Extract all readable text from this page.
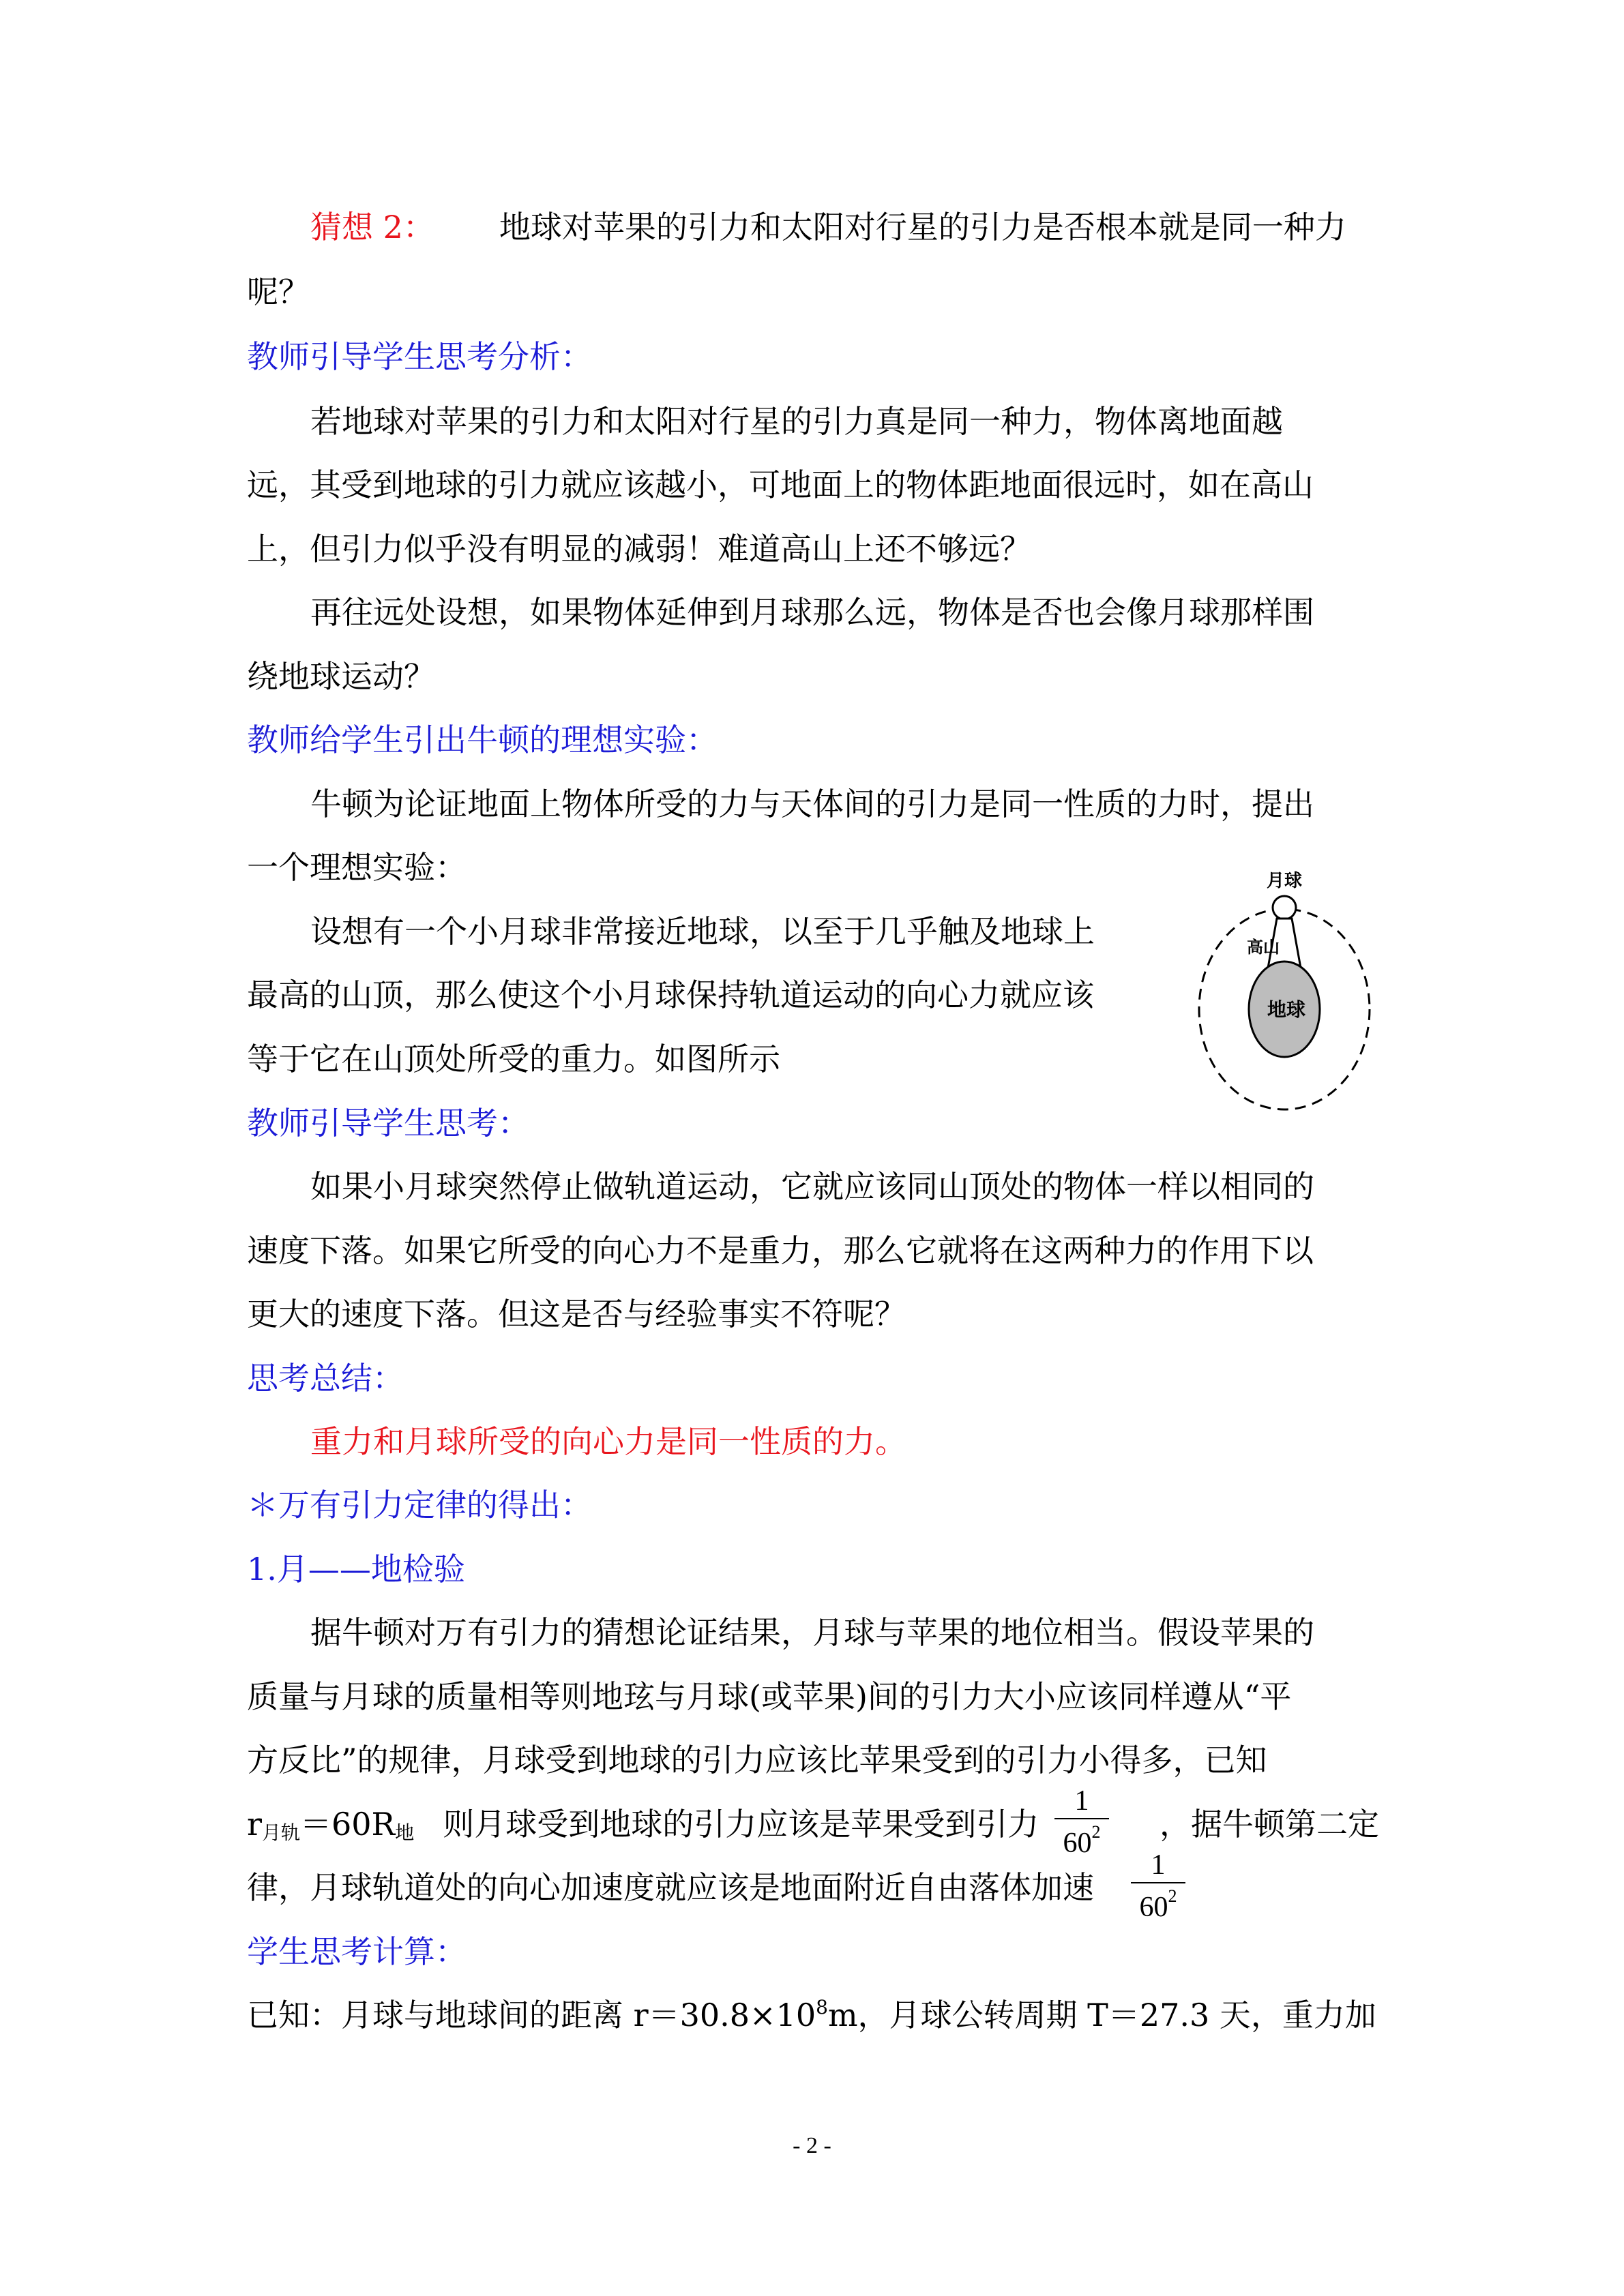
猜想 2： 地球对苹果的引力和太阳对行星的引力是否根本就是同一种力
呢？
教师引导学生思考分析：
若地球对苹果的引力和太阳对行星的引力真是同一种力，物体离地面越
远，其受到地球的引力就应该越小，可地面上的物体距地面很远时，如在高山
上，但引力似乎没有明显的减弱！难道高山上还不够远？
再往远处设想，如果物体延伸到月球那么远，物体是否也会像月球那样围
绕地球运动？
教师给学生引出牛顿的理想实验：
牛顿为论证地面上物体所受的力与天体间的引力是同一性质的力时，提出
一个理想实验：
设想有一个小月球非常接近地球，以至于几乎触及地球上
最高的山顶，那么使这个小月球保持轨道运动的向心力就应该
等于它在山顶处所受的重力。如图所示
月球
高山
地球
教师引导学生思考：
如果小月球突然停止做轨道运动，它就应该同山顶处的物体一样以相同的
速度下落。如果它所受的向心力不是重力，那么它就将在这两种力的作用下以
更大的速度下落。但这是否与经验事实不符呢？
思考总结：
重力和月球所受的向心力是同一性质的力。
＊万有引力定律的得出：
1.月——地检验
据牛顿对万有引力的猜想论证结果，月球与苹果的地位相当。假设苹果的
质量与月球的质量相等则地玹与月球(或苹果)间的引力大小应该同样遵从“平
方反比”的规律，月球受到地球的引力应该比苹果受到的引力小得多，已知
r月轨＝60R地 则月球受到地球的引力应该是苹果受到引力
1
$60^2$ ，据牛顿第二定
律，月球轨道处的向心加速度就应该是地面附近自由落体加速
1
$60^2$
学生思考计算：
已知：月球与地球间的距离 $r=30.8\times 10^8m$，月球公转周期 T＝27.3 天，重力加
- 2 -
